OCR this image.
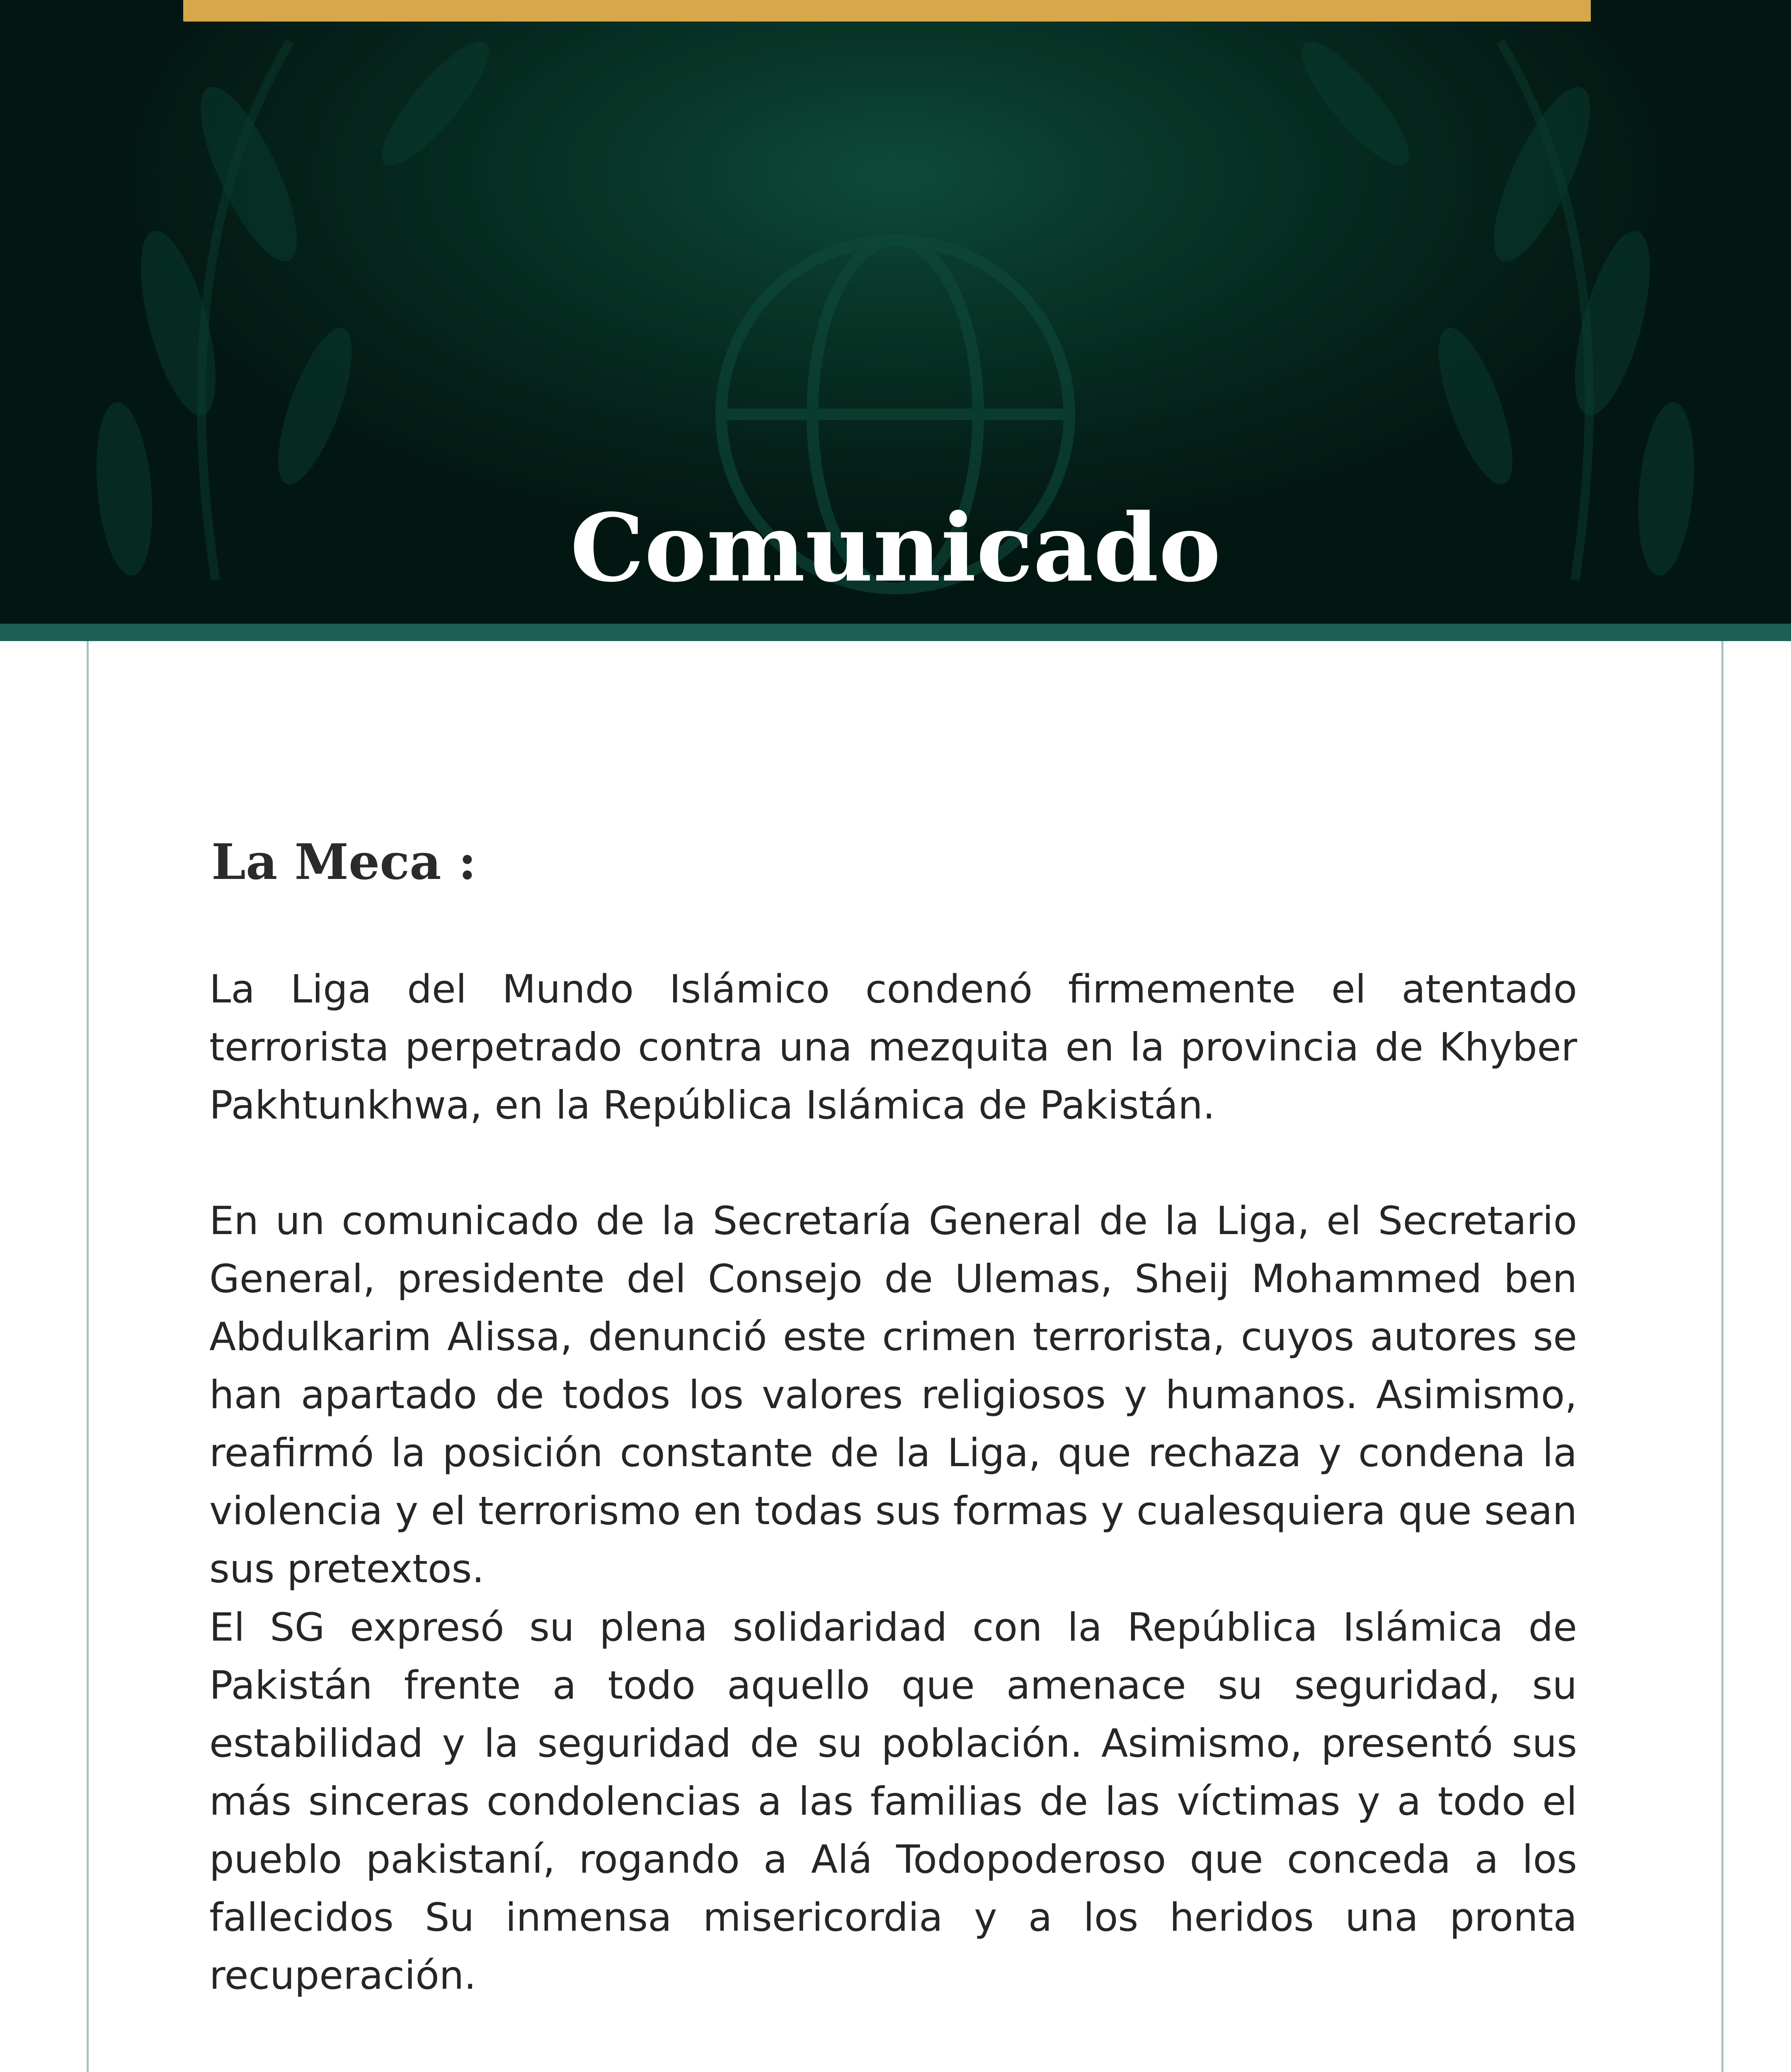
Comunicado
La Meca :

La Liga del Mundo Islámico condenó firmemente el atentado terrorista perpetrado contra una mezquita en la provincia de Khyber Pakhtunkhwa, en la República Islámica de Pakistán.

En un comunicado de la Secretaría General de la Liga, el Secretario General, presidente del Consejo de Ulemas, Sheij Mohammed ben Abdulkarim Alissa, denunció este crimen terrorista, cuyos autores se han apartado de todos los valores religiosos y humanos. Asimismo, reafirmó la posición constante de la Liga, que rechaza y condena la violencia y el terrorismo en todas sus formas y cualesquiera que sean sus pretextos.

El SG expresó su plena solidaridad con la República Islámica de Pakistán frente a todo aquello que amenace su seguridad, su estabilidad y la seguridad de su población. Asimismo, presentó sus más sinceras condolencias a las familias de las víctimas y a todo el pueblo pakistaní, rogando a Alá Todopoderoso que conceda a los fallecidos Su inmensa misericordia y a los heridos una pronta recuperación.
